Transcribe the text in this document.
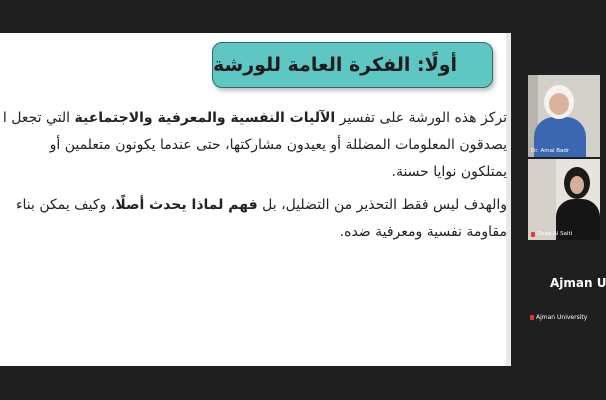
أولًا: الفكرة العامة للورشة

تركز هذه الورشة على تفسير الآليات النفسية والمعرفية والاجتماعية التي تجعل ا

يصدقون المعلومات المضللة أو يعيدون مشاركتها، حتى عندما يكونون متعلمين أو

يمتلكون نوايا حسنة.

والهدف ليس فقط التحذير من التضليل، بل فهم لماذا يحدث أصلًا، وكيف يمكن بناء

مقاومة نفسية ومعرفية ضده.

Dr. Amal Badr
Doaa Al Salti
Ajman U
Ajman University
